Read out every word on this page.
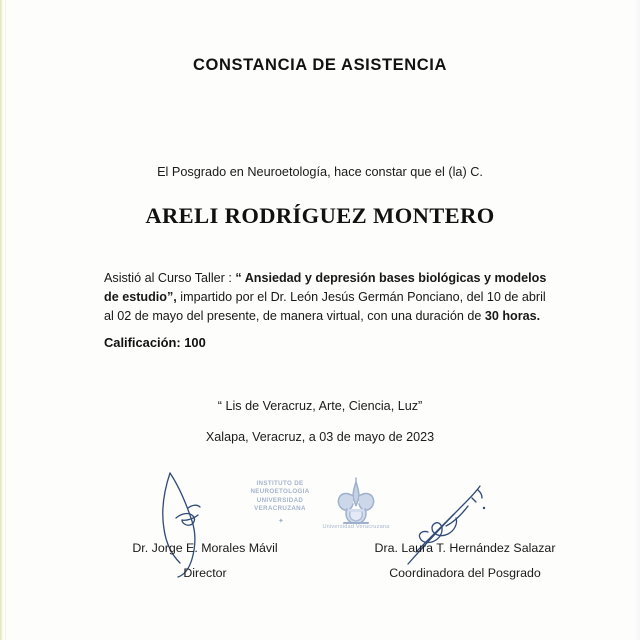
CONSTANCIA DE ASISTENCIA
El Posgrado en Neuroetología, hace constar que el (la) C.
ARELI RODRÍGUEZ MONTERO
Asistió al Curso Taller : “ Ansiedad y depresión bases biológicas y modelos de estudio”, impartido por el Dr. León Jesús Germán Ponciano, del 10 de abril al 02 de mayo del presente, de manera virtual, con una duración de 30 horas.
Calificación: 100
“ Lis de Veracruz, Arte, Ciencia, Luz”
Xalapa, Veracruz, a 03 de mayo de 2023
INSTITUTO DE NEUROETOLOGIA UNIVERSIDAD VERACRUZANA
✦
Universidad Veracruzana
Dr. Jorge E. Morales Mávil
Director
Dra. Laura T. Hernández Salazar
Coordinadora del Posgrado
